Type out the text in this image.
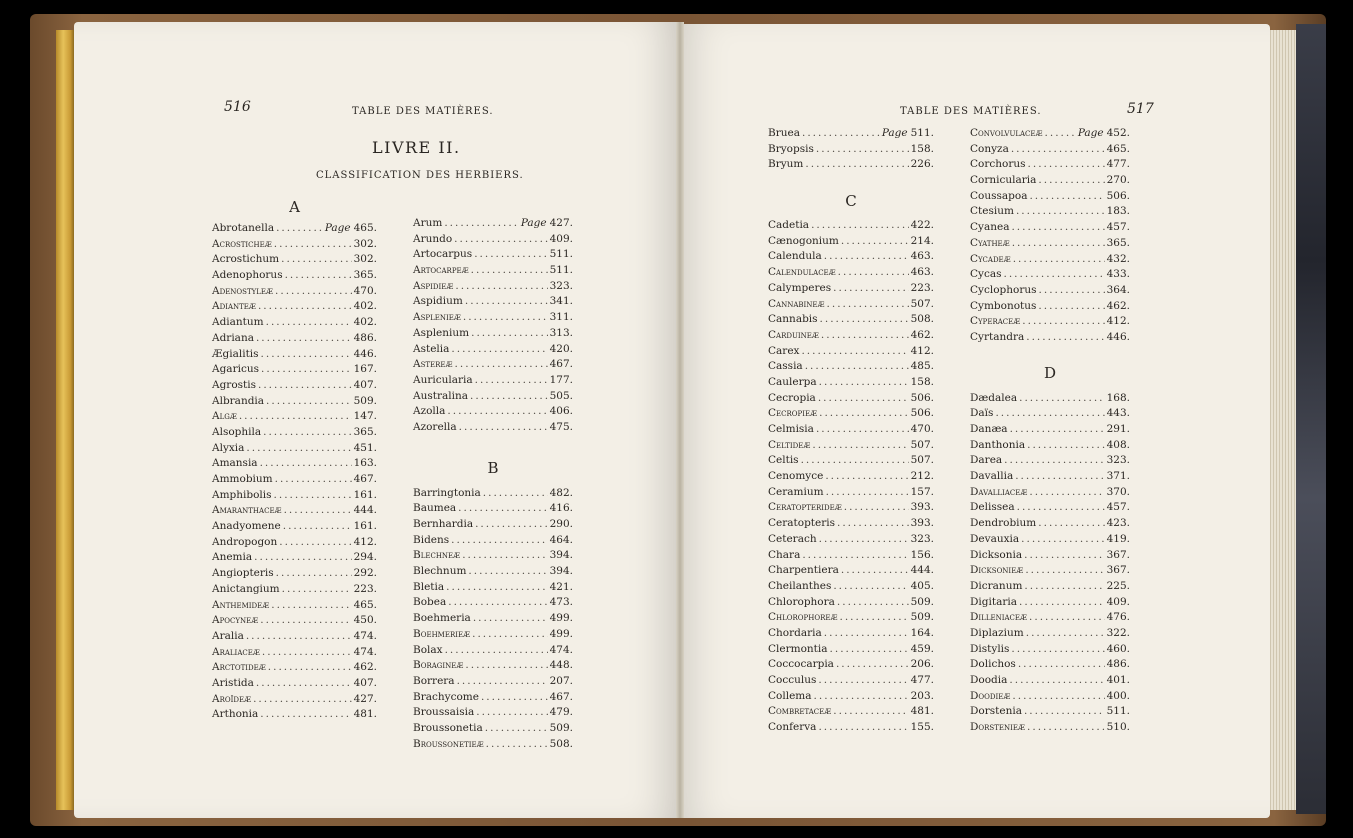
516	TABLE DES MATIÈRES.
LIVRE II.
CLASSIFICATION DES HERBIERS.
A
Abrotanella .....	Page 465.
Acrostichеæ .....	302.
Acrostichum .....	302.
Adenophorus .....	365.
Adenostyleæ .....	470.
Adianteæ .....	402.
Adiantum .....	402.
Adriana .....	486.
Ægialitis .....	446.
Agaricus .....	167.
Agrostis .....	407.
Albrandia .....	509.
Algæ .....	147.
Alsophila .....	365.
Alyxia .....	451.
Amansia .....	163.
Ammobium .....	467.
Amphibolis .....	161.
Amaranthaceæ .....	444.
Anadyomene .....	161.
Andropogon .....	412.
Anemia .....	294.
Angiopteris .....	292.
Anictangium .....	223.
Anthemideæ .....	465.
Apocyneæ .....	450.
Aralia .....	474.
Araliaceæ .....	474.
Arctotideæ .....	462.
Aristida .....	407.
Aroïdeæ .....	427.
Arthonia .....	481.
Arum .....	Page 427.
Arundo .....	409.
Artocarpus .....	511.
Artocarpeæ .....	511.
Aspidieæ .....	323.
Aspidium .....	341.
Asplenieæ .....	311.
Asplenium .....	313.
Astelia .....	420.
Astereæ .....	467.
Auricularia .....	177.
Australina .....	505.
Azolla .....	406.
Azorella .....	475.
B
Barringtonia .....	482.
Baumea .....	416.
Bernhardia .....	290.
Bidens .....	464.
Blechneæ .....	394.
Blechnum .....	394.
Bletia .....	421.
Bobea .....	473.
Boehmeria .....	499.
Boehmerieæ .....	499.
Bolax .....	474.
Boragineæ .....	448.
Borrera .....	207.
Brachycome .....	467.
Broussaisia .....	479.
Broussonetia .....	509.
Broussonetieæ .....	508.
TABLE DES MATIÈRES.	517
Bruea .....	Page 511.
Bryopsis .....	158.
Bryum .....	226.
C
Cadetia .....	422.
Cænogonium .....	214.
Calendula .....	463.
Calendulaceæ .....	463.
Calymperes .....	223.
Cannabineæ .....	507.
Cannabis .....	508.
Carduineæ .....	462.
Carex .....	412.
Cassia .....	485.
Caulerpa .....	158.
Cecropia .....	506.
Cecropieæ .....	506.
Celmisia .....	470.
Celtideæ .....	507.
Celtis .....	507.
Cenomyce .....	212.
Ceramium .....	157.
Ceratopterideæ .....	393.
Ceratopteris .....	393.
Ceterach .....	323.
Chara .....	156.
Charpentiera .....	444.
Cheilanthes .....	405.
Chlorophora .....	509.
Chlorophoreæ .....	509.
Chordaria .....	164.
Clermontia .....	459.
Coccocarpia .....	206.
Cocculus .....	477.
Collema .....	203.
Combretaceæ .....	481.
Conferva .....	155.
Convolvulaceæ .....	Page 452.
Conyza .....	465.
Corchorus .....	477.
Cornicularia .....	270.
Coussapoa .....	506.
Ctesium .....	183.
Cyanea .....	457.
Cyatheæ .....	365.
Cycadeæ .....	432.
Cycas .....	433.
Cyclophorus .....	364.
Cymbonotus .....	462.
Cyperaceæ .....	412.
Cyrtandra .....	446.
D
Dædalea .....	168.
Daïs .....	443.
Danæa .....	291.
Danthonia .....	408.
Darea .....	323.
Davallia .....	371.
Davalliaceæ .....	370.
Delissea .....	457.
Dendrobium .....	423.
Devauxia .....	419.
Dicksonia .....	367.
Dicksonieæ .....	367.
Dicranum .....	225.
Digitaria .....	409.
Dilleniaceæ .....	476.
Diplazium .....	322.
Distylis .....	460.
Dolichos .....	486.
Doodia .....	401.
Doodieæ .....	400.
Dorstenia .....	511.
Dorstenieæ .....	510.
